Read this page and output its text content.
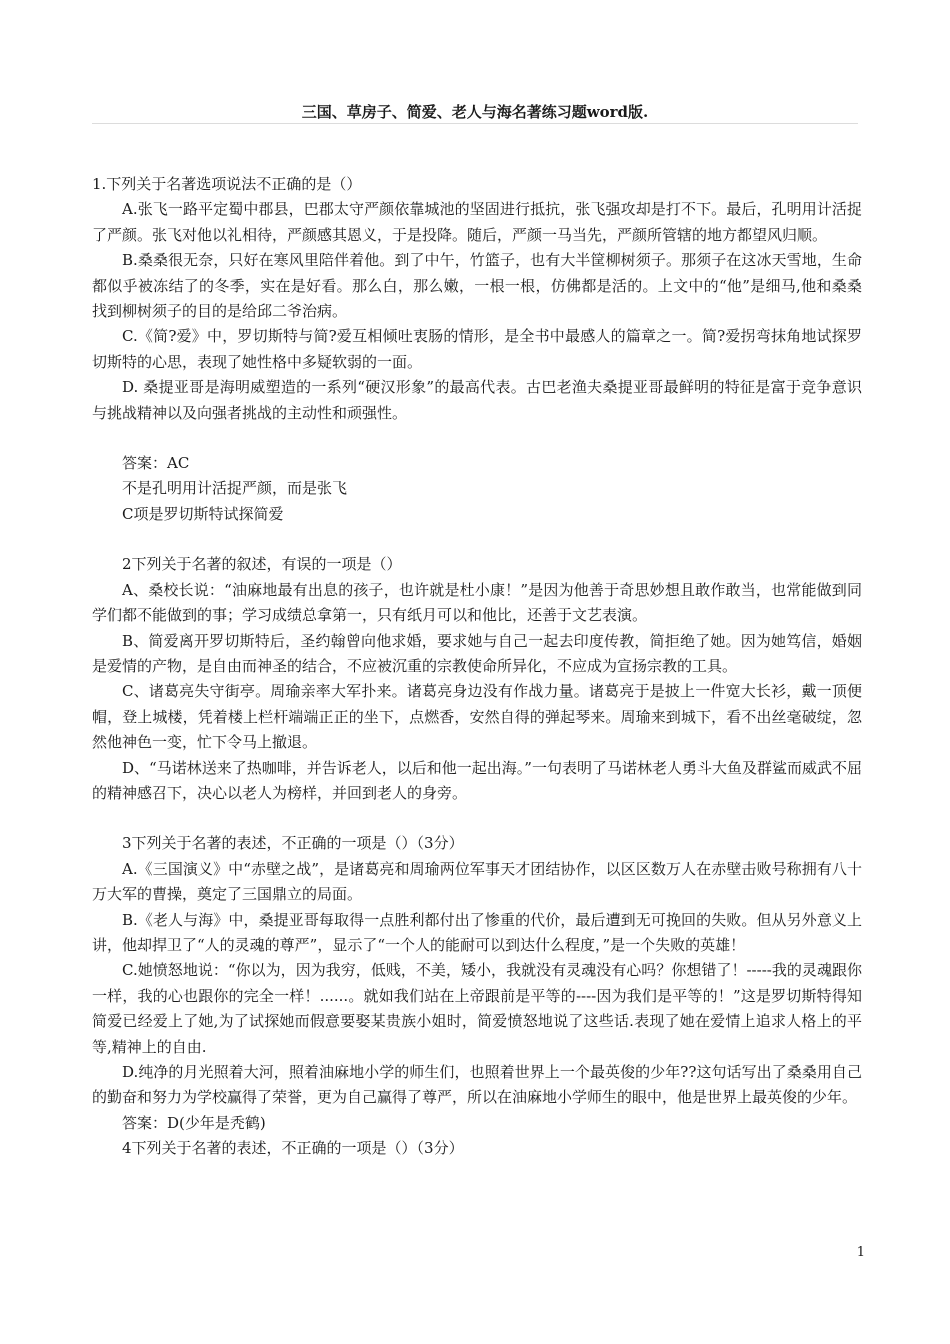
三国、草房子、简爱、老人与海名著练习题word版.

1.下列关于名著选项说法不正确的是（）

A.张飞一路平定蜀中郡县，巴郡太守严颜依靠城池的坚固进行抵抗，张飞强攻却是打不下。最后，孔明用计活捉了严颜。张飞对他以礼相待，严颜感其恩义，于是投降。随后，严颜一马当先，严颜所管辖的地方都望风归顺。

B.桑桑很无奈，只好在寒风里陪伴着他。到了中午，竹篮子，也有大半筐柳树须子。那须子在这冰天雪地，生命都似乎被冻结了的冬季，实在是好看。那么白，那么嫩，一根一根，仿佛都是活的。上文中的“他”是细马,他和桑桑找到柳树须子的目的是给邱二爷治病。

C.《简?爱》中，罗切斯特与简?爱互相倾吐衷肠的情形，是全书中最感人的篇章之一。简?爱拐弯抹角地试探罗切斯特的心思，表现了她性格中多疑软弱的一面。

D. 桑提亚哥是海明威塑造的一系列“硬汉形象”的最高代表。古巴老渔夫桑提亚哥最鲜明的特征是富于竞争意识与挑战精神以及向强者挑战的主动性和顽强性。

答案：AC

不是孔明用计活捉严颜，而是张飞

C项是罗切斯特试探简爱

2下列关于名著的叙述，有误的一项是（）

A、桑校长说：“油麻地最有出息的孩子，也许就是杜小康！”是因为他善于奇思妙想且敢作敢当，也常能做到同学们都不能做到的事；学习成绩总拿第一，只有纸月可以和他比，还善于文艺表演。

B、简爱离开罗切斯特后，圣约翰曾向他求婚，要求她与自己一起去印度传教，简拒绝了她。因为她笃信，婚姻是爱情的产物，是自由而神圣的结合，不应被沉重的宗教使命所异化，不应成为宣扬宗教的工具。

C、诸葛亮失守街亭。周瑜亲率大军扑来。诸葛亮身边没有作战力量。诸葛亮于是披上一件宽大长衫，戴一顶便帽，登上城楼，凭着楼上栏杆端端正正的坐下，点燃香，安然自得的弹起琴来。周瑜来到城下，看不出丝毫破绽，忽然他神色一变，忙下令马上撤退。

D、“马诺林送来了热咖啡，并告诉老人，以后和他一起出海。”一句表明了马诺林老人勇斗大鱼及群鲨而威武不屈的精神感召下，决心以老人为榜样，并回到老人的身旁。

3下列关于名著的表述，不正确的一项是（）（3分）

A.《三国演义》中“赤壁之战”，是诸葛亮和周瑜两位军事天才团结协作，以区区数万人在赤壁击败号称拥有八十万大军的曹操，奠定了三国鼎立的局面。

B.《老人与海》中，桑提亚哥每取得一点胜利都付出了惨重的代价，最后遭到无可挽回的失败。但从另外意义上讲，他却捍卫了“人的灵魂的尊严”，显示了“一个人的能耐可以到达什么程度，”是一个失败的英雄！

C.她愤怒地说：“你以为，因为我穷，低贱，不美，矮小，我就没有灵魂没有心吗？你想错了！-----我的灵魂跟你一样，我的心也跟你的完全一样！......。就如我们站在上帝跟前是平等的----因为我们是平等的！”这是罗切斯特得知简爱已经爱上了她,为了试探她而假意要娶某贵族小姐时，简爱愤怒地说了这些话.表现了她在爱情上追求人格上的平等,精神上的自由.

D.纯净的月光照着大河，照着油麻地小学的师生们，也照着世界上一个最英俊的少年??这句话写出了桑桑用自己的勤奋和努力为学校赢得了荣誉，更为自己赢得了尊严，所以在油麻地小学师生的眼中，他是世界上最英俊的少年。

答案：D(少年是秃鹤)

4下列关于名著的表述，不正确的一项是（）（3分）

1
